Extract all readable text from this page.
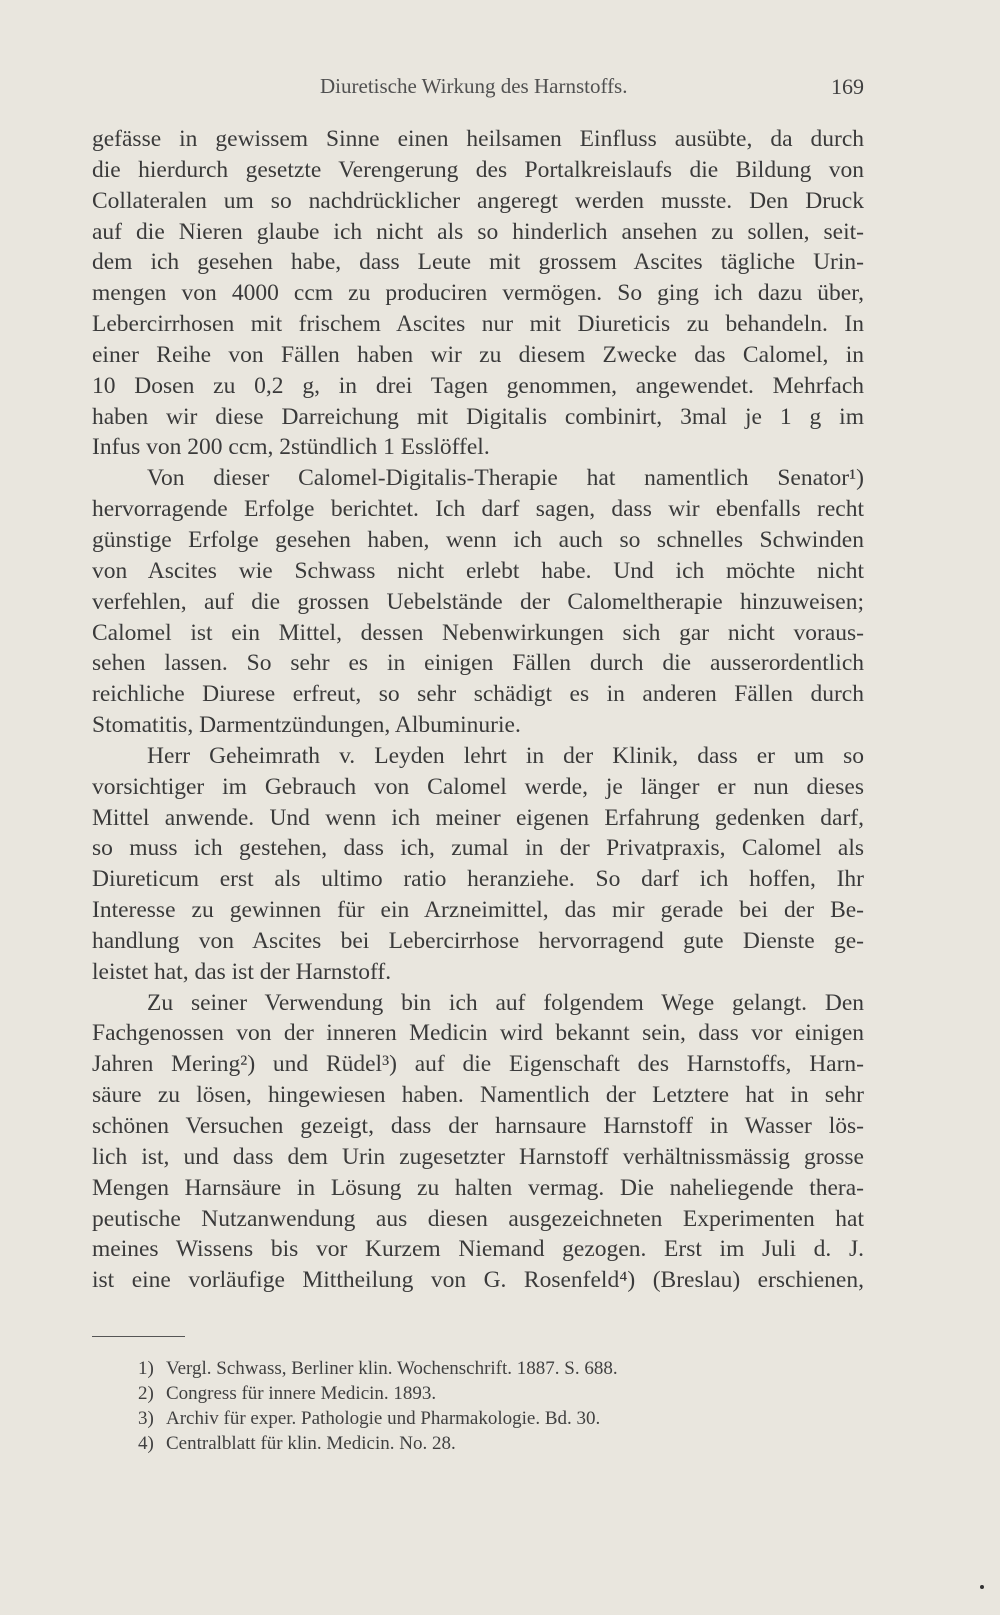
Diuretische Wirkung des Harnstoffs.	169
gefässe in gewissem Sinne einen heilsamen Einfluss ausübte, da durch
die hierdurch gesetzte Verengerung des Portalkreislaufs die Bildung von
Collateralen um so nachdrücklicher angeregt werden musste. Den Druck
auf die Nieren glaube ich nicht als so hinderlich ansehen zu sollen, seit-
dem ich gesehen habe, dass Leute mit grossem Ascites tägliche Urin-
mengen von 4000 ccm zu produciren vermögen. So ging ich dazu über,
Lebercirrhosen mit frischem Ascites nur mit Diureticis zu behandeln. In
einer Reihe von Fällen haben wir zu diesem Zwecke das Calomel, in
10 Dosen zu 0,2 g, in drei Tagen genommen, angewendet. Mehrfach
haben wir diese Darreichung mit Digitalis combinirt, 3mal je 1 g im
Infus von 200 ccm, 2stündlich 1 Esslöffel.
Von dieser Calomel-Digitalis-Therapie hat namentlich Senator¹)
hervorragende Erfolge berichtet. Ich darf sagen, dass wir ebenfalls recht
günstige Erfolge gesehen haben, wenn ich auch so schnelles Schwinden
von Ascites wie Schwass nicht erlebt habe. Und ich möchte nicht
verfehlen, auf die grossen Uebelstände der Calomeltherapie hinzuweisen;
Calomel ist ein Mittel, dessen Nebenwirkungen sich gar nicht voraus-
sehen lassen. So sehr es in einigen Fällen durch die ausserordentlich
reichliche Diurese erfreut, so sehr schädigt es in anderen Fällen durch
Stomatitis, Darmentzündungen, Albuminurie.
Herr Geheimrath v. Leyden lehrt in der Klinik, dass er um so
vorsichtiger im Gebrauch von Calomel werde, je länger er nun dieses
Mittel anwende. Und wenn ich meiner eigenen Erfahrung gedenken darf,
so muss ich gestehen, dass ich, zumal in der Privatpraxis, Calomel als
Diureticum erst als ultimo ratio heranziehe. So darf ich hoffen, Ihr
Interesse zu gewinnen für ein Arzneimittel, das mir gerade bei der Be-
handlung von Ascites bei Lebercirrhose hervorragend gute Dienste ge-
leistet hat, das ist der Harnstoff.
Zu seiner Verwendung bin ich auf folgendem Wege gelangt. Den
Fachgenossen von der inneren Medicin wird bekannt sein, dass vor einigen
Jahren Mering²) und Rüdel³) auf die Eigenschaft des Harnstoffs, Harn-
säure zu lösen, hingewiesen haben. Namentlich der Letztere hat in sehr
schönen Versuchen gezeigt, dass der harnsaure Harnstoff in Wasser lös-
lich ist, und dass dem Urin zugesetzter Harnstoff verhältnissmässig grosse
Mengen Harnsäure in Lösung zu halten vermag. Die naheliegende thera-
peutische Nutzanwendung aus diesen ausgezeichneten Experimenten hat
meines Wissens bis vor Kurzem Niemand gezogen. Erst im Juli d. J.
ist eine vorläufige Mittheilung von G. Rosenfeld⁴) (Breslau) erschienen,
1) Vergl. Schwass, Berliner klin. Wochenschrift. 1887. S. 688.
2) Congress für innere Medicin. 1893.
3) Archiv für exper. Pathologie und Pharmakologie. Bd. 30.
4) Centralblatt für klin. Medicin. No. 28.
